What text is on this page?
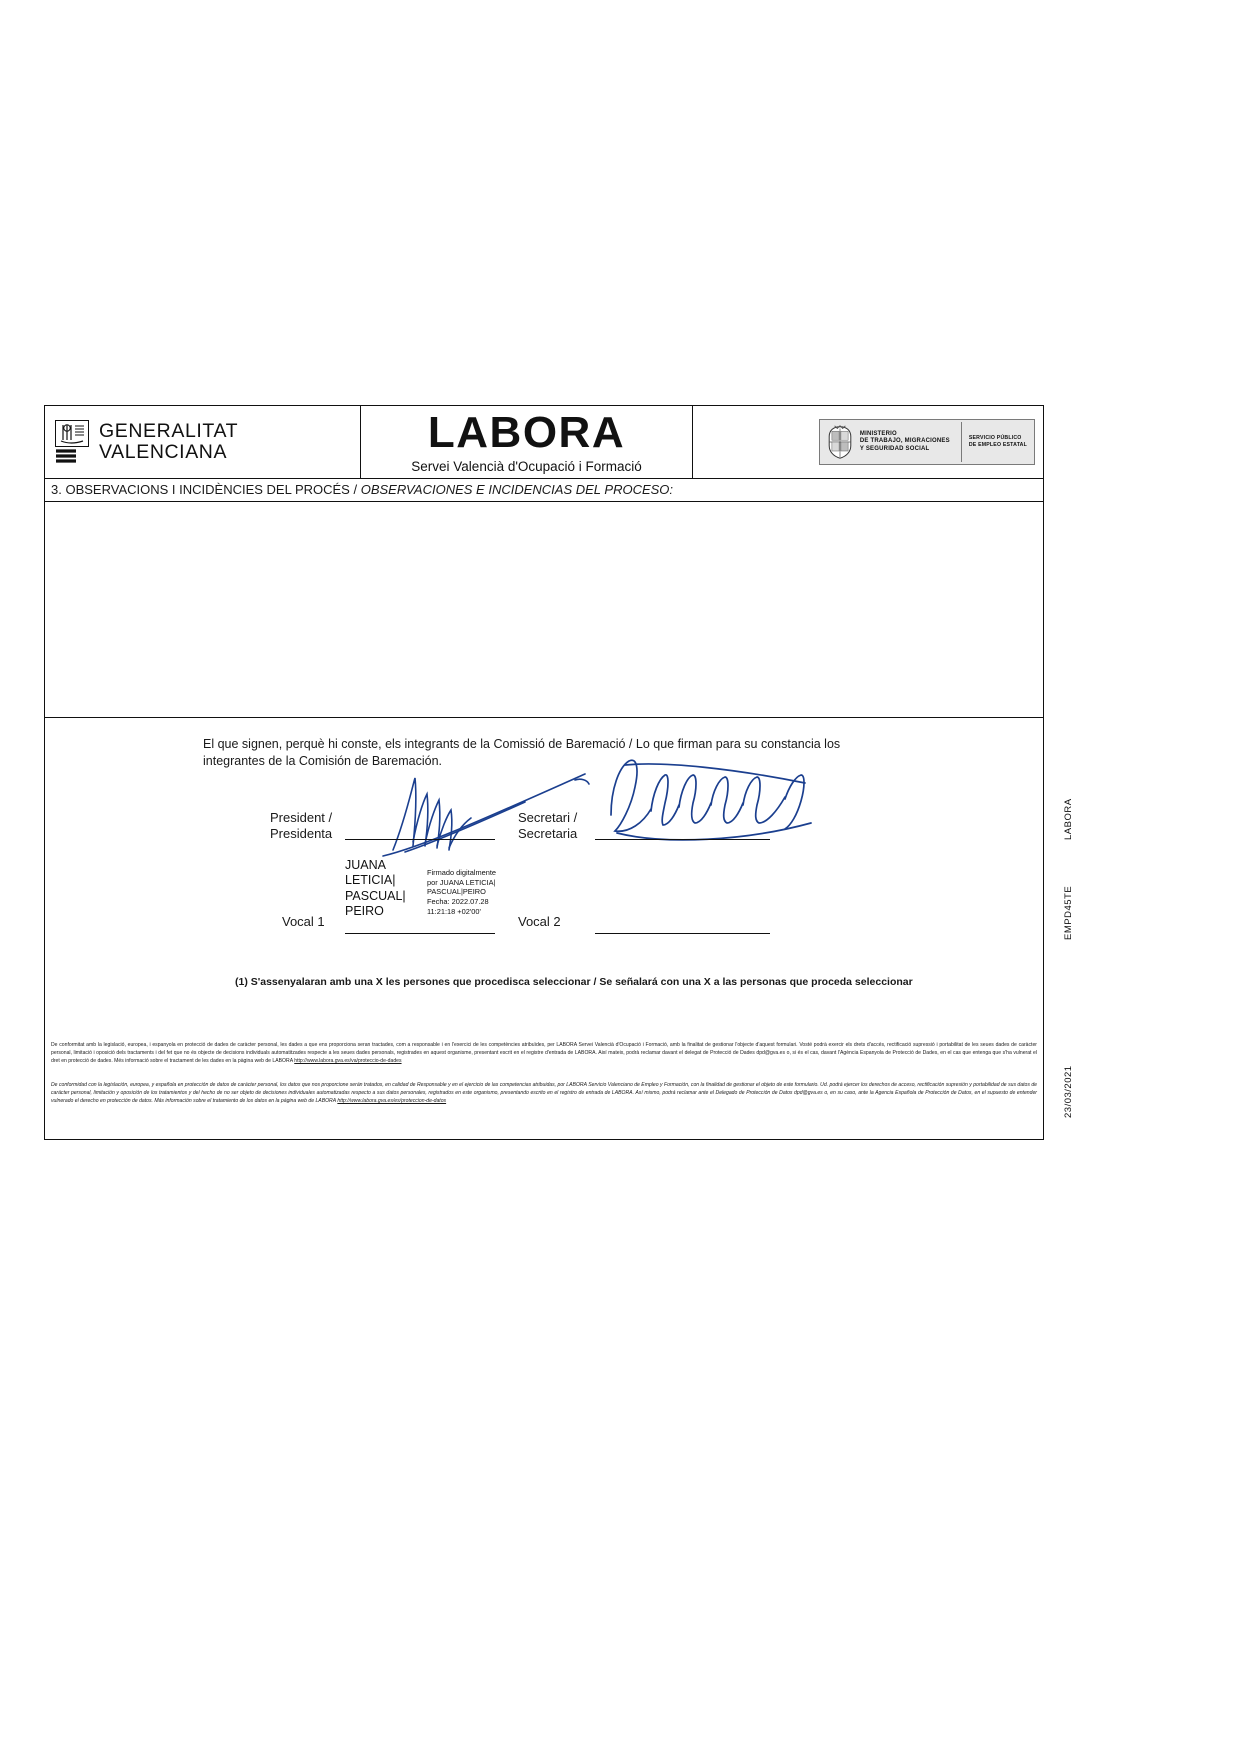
GENERALITAT
VALENCIANA	LABORA
Servei Valencià d'Ocupació i Formació
MINISTERIO
DE TRABAJO, MIGRACIONES
Y SEGURIDAD SOCIAL
SERVICIO PÚBLICO
DE EMPLEO ESTATAL
3. OBSERVACIONS I INCIDÈNCIES DEL PROCÉS / OBSERVACIONES E INCIDENCIAS DEL PROCESO:
El que signen, perquè hi conste, els integrants de la Comissió de Baremació / Lo que firman para su constancia los integrantes de la Comisión de Baremación.
President /
Presidenta
Secretari /
Secretaria
Vocal 1	Vocal 2
JUANA LETICIA| PASCUAL| PEIRO
Firmado digitalmente
por JUANA LETICIA|
PASCUAL|PEIRO
Fecha: 2022.07.28
11:21:18 +02'00'
(1) S'assenyalaran amb una X les persones que procedisca seleccionar / Se señalará con una X a las personas que proceda seleccionar
De conformitat amb la legislació, europea, i espanyola en protecció de dades de caràcter personal, les dades a que ens proporciona seran tractades, com a responsable i en l'exercici de les competències atribuïdes, per LABORA Servei Valencià d'Ocupació i Formació, amb la finalitat de gestionar l'objecte d'aquest formulari. Vosté podrà exercir els drets d'accés, rectificació supressió i portabilitat de les seues dades de caràcter personal, limitació i oposició dels tractaments i del fet que no és objecte de decisions individuals automatitzades respecte a les seues dades personals, registrades en aquest organisme, presentant escrit en el registre d'entrada de LABORA. Així mateix, podrà reclamar davant el delegat de Protecció de Dades dpd@gva.es o, si és el cas, davant l'Agència Espanyola de Protecció de Dades, en el cas que entenga que s'ha vulnerat el dret en protecció de dades. Més informació sobre el tractament de les dades en la pàgina web de LABORA http://www.labora.gva.es/va/proteccio-de-dades
De conformidad con la legislación, europea, y española en protección de datos de carácter personal, los datos que nos proporcione serán tratados, en calidad de Responsable y en el ejercicio de las competencias atribuidas, por LABORA Servicio Valenciano de Empleo y Formación, con la finalidad de gestionar el objeto de este formulario. Ud. podrá ejercer los derechos de acceso, rectificación supresión y portabilidad de sus datos de carácter personal, limitación y oposición de los tratamientos y del hecho de no ser objeto de decisiones individuales automatizadas respecto a sus datos personales, registrados en este organismo, presentando escrito en el registro de entrada de LABORA. Así mismo, podrá reclamar ante el Delegado de Protección de Datos dpd@gva.es o, en su caso, ante la Agencia Española de Protección de Datos, en el supuesto de entender vulnerado el derecho en protección de datos. Más información sobre el tratamiento de los datos en la página web de LABORA http://www.labora.gva.es/es/proteccion-de-datos
LABORA
EMPD45TE
23/03/2021
